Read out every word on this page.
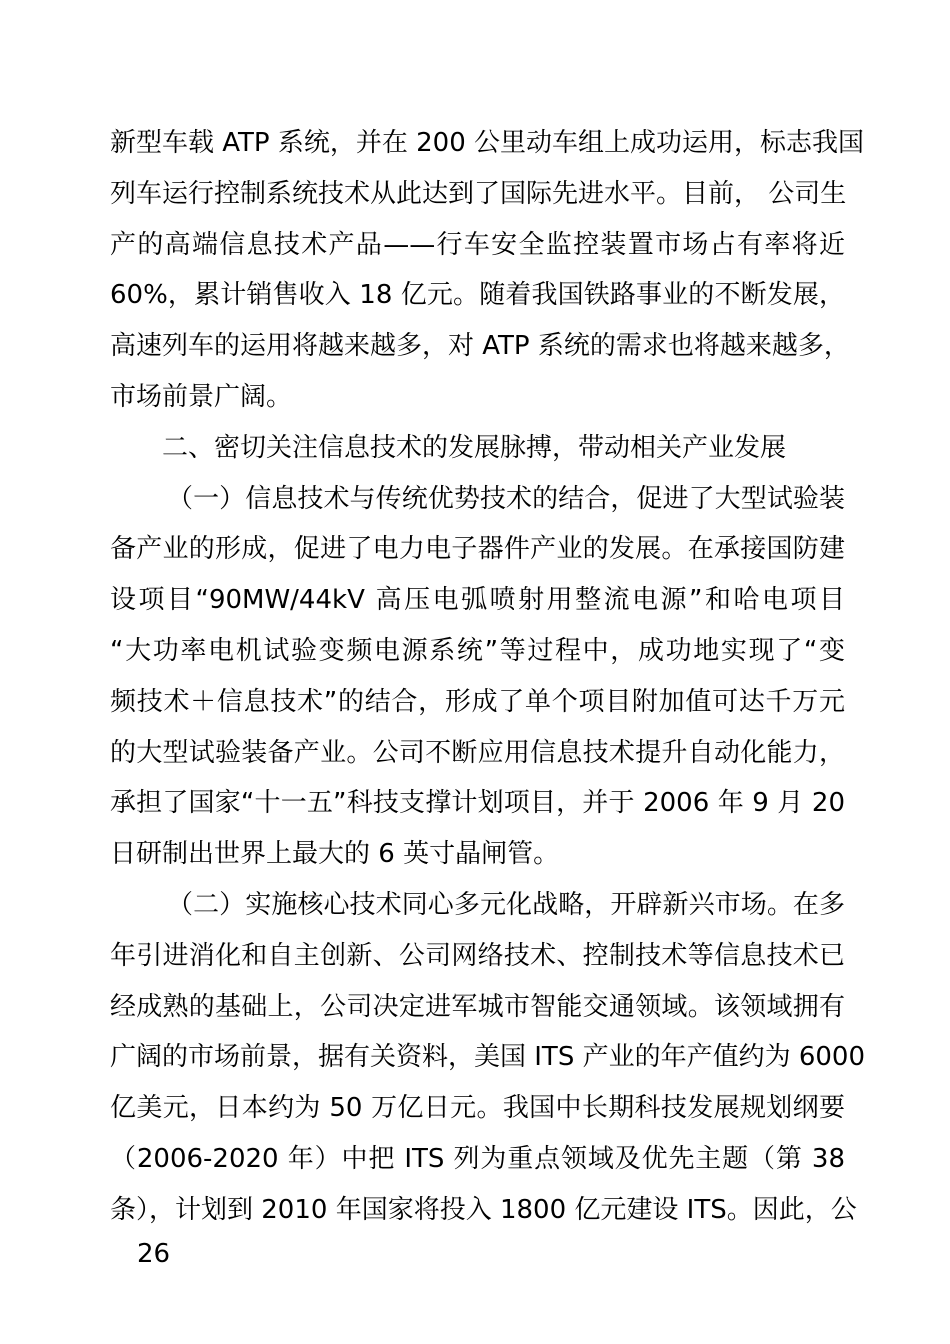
新型车载 ATP 系统，并在 200 公里动车组上成功运用，标志我国
列车运行控制系统技术从此达到了国际先进水平。目前， 公司生
产的高端信息技术产品——行车安全监控装置市场占有率将近
60%，累计销售收入 18 亿元。随着我国铁路事业的不断发展，
高速列车的运用将越来越多，对 ATP 系统的需求也将越来越多，
市场前景广阔。
二、密切关注信息技术的发展脉搏，带动相关产业发展
（一）信息技术与传统优势技术的结合，促进了大型试验装
备产业的形成，促进了电力电子器件产业的发展。在承接国防建
设项目“90MW/44kV 高压电弧喷射用整流电源”和哈电项目
“大功率电机试验变频电源系统”等过程中，成功地实现了“变
频技术＋信息技术”的结合，形成了单个项目附加值可达千万元
的大型试验装备产业。公司不断应用信息技术提升自动化能力，
承担了国家“十一五”科技支撑计划项目，并于 2006 年 9 月 20
日研制出世界上最大的 6 英寸晶闸管。
（二）实施核心技术同心多元化战略，开辟新兴市场。在多
年引进消化和自主创新、公司网络技术、控制技术等信息技术已
经成熟的基础上，公司决定进军城市智能交通领域。该领域拥有
广阔的市场前景，据有关资料，美国 ITS 产业的年产值约为 6000
亿美元，日本约为 50 万亿日元。我国中长期科技发展规划纲要
（2006-2020 年）中把 ITS 列为重点领域及优先主题（第 38
条），计划到 2010 年国家将投入 1800 亿元建设 ITS。因此，公
26
